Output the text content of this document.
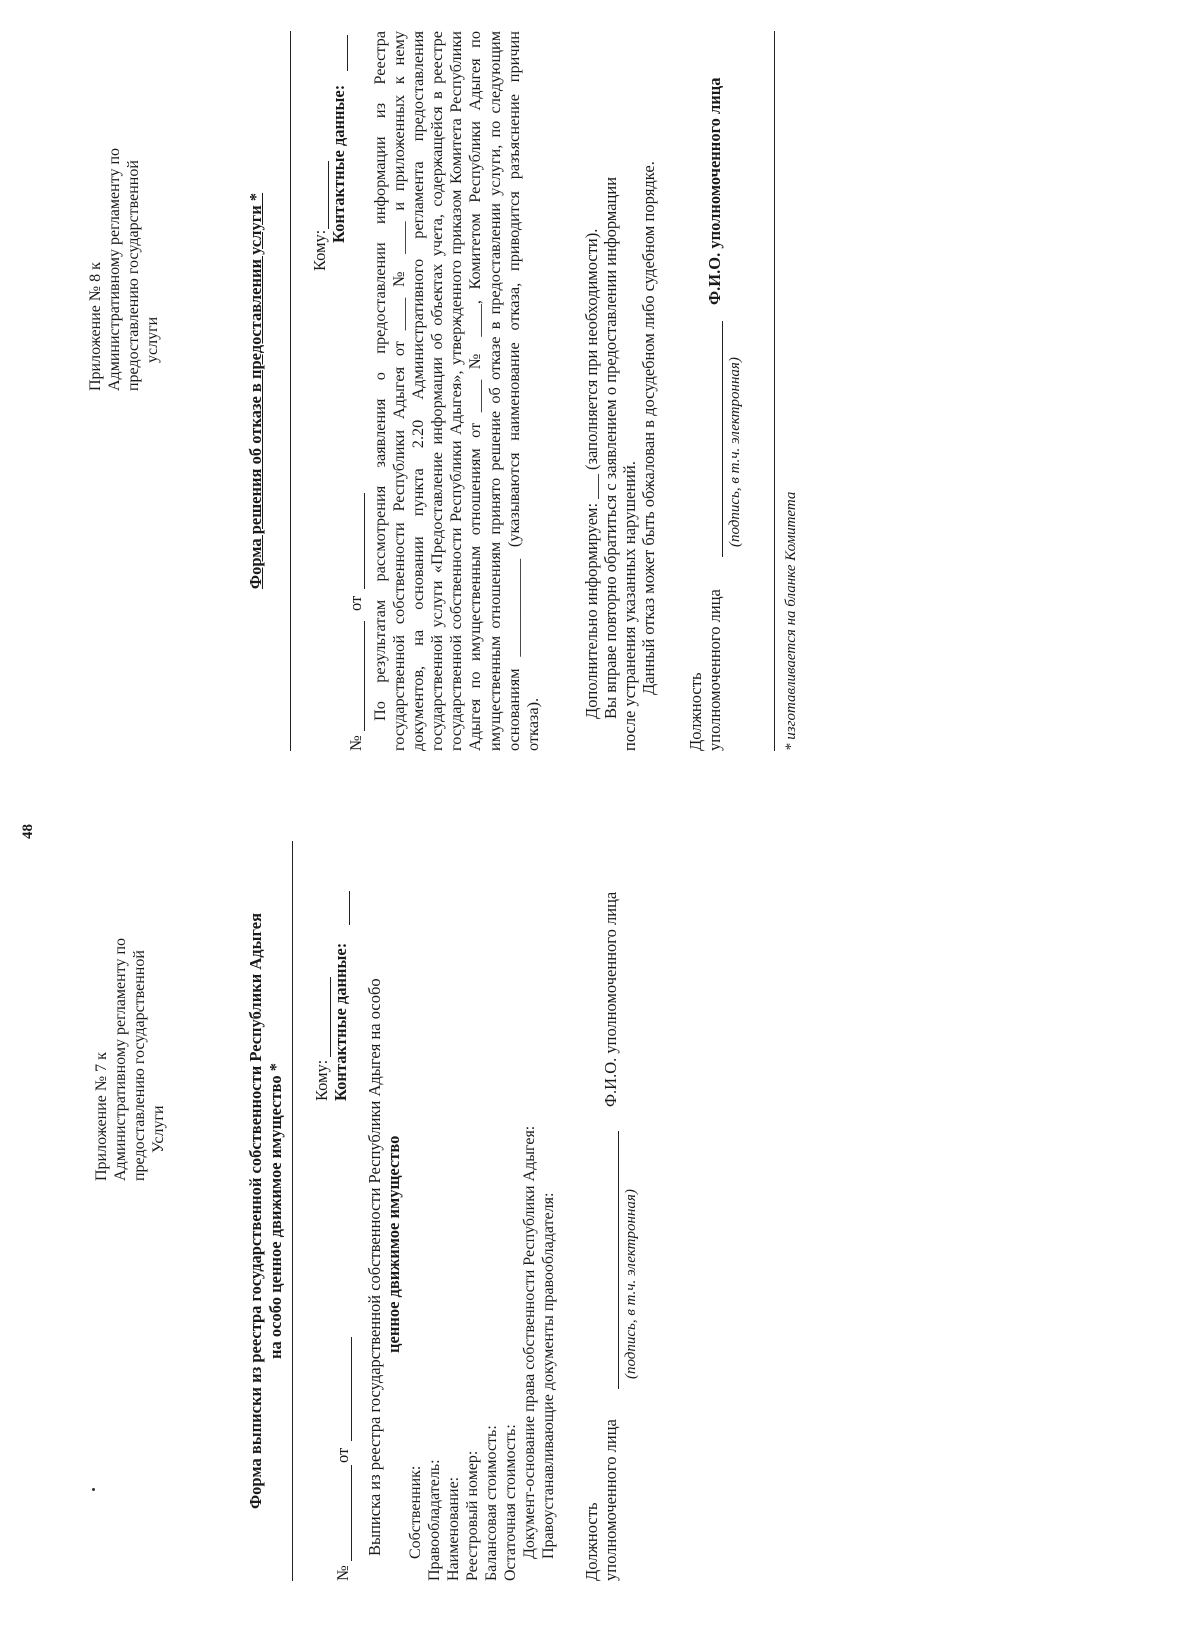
48
Приложение № 7 к Административному регламенту по предоставлению государственной Услуги	Форма выписки из реестра государственной собственности Республики Адыгея на особо ценное движимое имущество * Кому: Контактные данные:
№
от Выписка из реестра государственной собственности Республики Адыгея на особо ценное движимое имущество
Собственник: Правообладатель: Наименование: Реестровый номер: Балансовая стоимость: Остаточная стоимость: Документ-основание права собственности Республики Адыгея: Правоустанавливающие документы правообладателя: Должность уполномоченного лица
Ф.И.О. уполномоченного лица
(подпись, в т.ч. электронная)
Приложение № 8 к Административному регламенту по предоставлению государственной услуги	Форма решения об отказе в предоставлении услуги *	Кому:
Контактные данные:
№
от По результатам рассмотрения заявления о предоставлении информации из Реестра государственной собственности Республики Адыгея от ____ № ____ и приложенных к нему документов, на основании пункта 2.20 Административного регламента предоставления государственной услуги «Предоставление информации об объектах учета, содержащейся в реестре государственной собственности Республики Адыгея», утвержденного приказом Комитета Республики Адыгея по имущественным отношениям от ____ № ____, Комитетом Республики Адыгея по имущественным отношениям принято решение об отказе в предоставлении услуги, по следующим основаниям ____________ (указываются наименование отказа, приводится разъяснение причин отказа).
Дополнительно информируем: ___ (заполняется при необходимости). Вы вправе повторно обратиться с заявлением о предоставлении информации после устранения указанных нарушений. Данный отказ может быть обжалован в досудебном либо судебном порядке.
Должность уполномоченного лица
Ф.И.О. уполномоченного лица
(подпись, в т.ч. электронная)
* изготавливается на бланке Комитета
